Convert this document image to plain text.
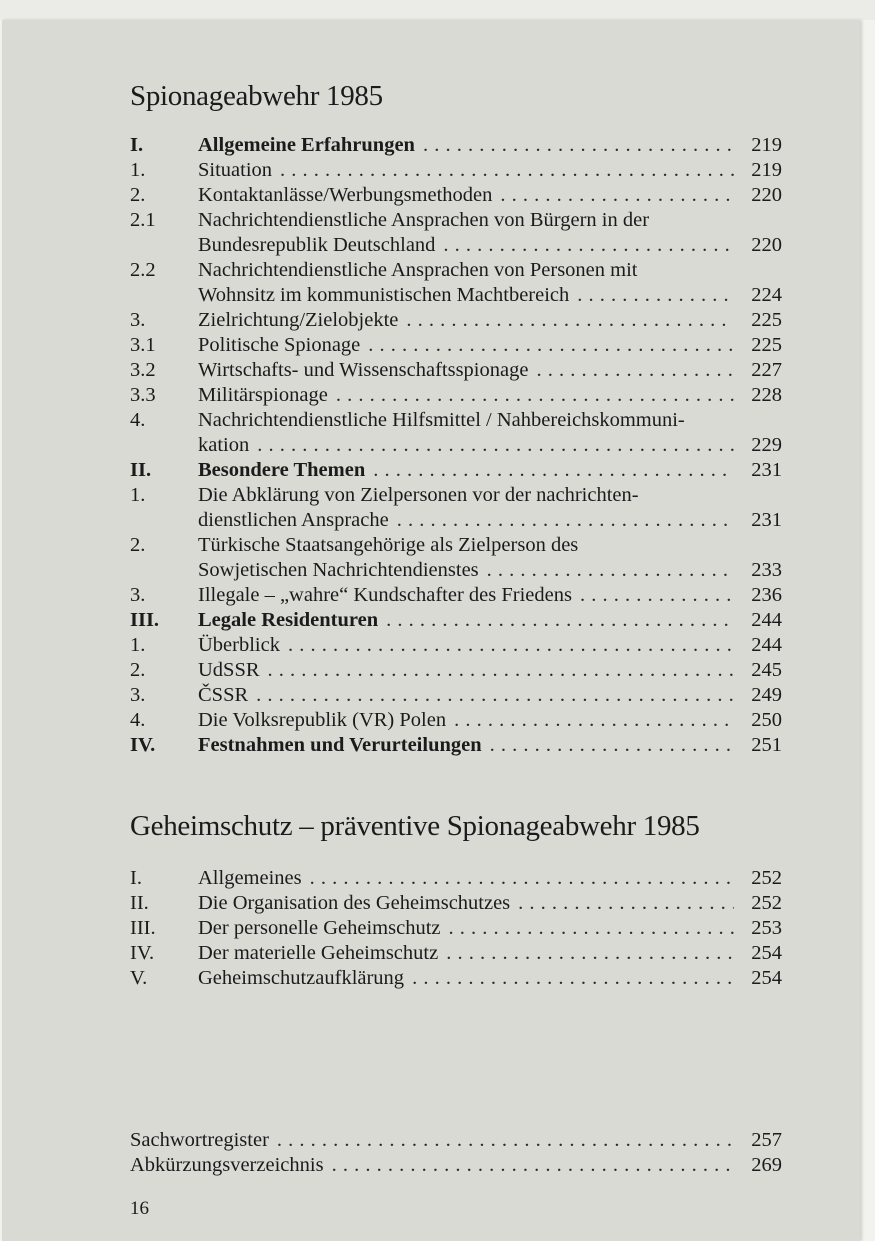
Spionageabwehr 1985
I.	Allgemeine Erfahrungen . . .	219
1.	Situation . . .	219
2.	Kontaktanlässe/Werbungsmethoden . . .	220
2.1 Nachrichtendienstliche Ansprachen von Bürgern in der
Bundesrepublik Deutschland . . .	220
2.2 Nachrichtendienstliche Ansprachen von Personen mit
Wohnsitz im kommunistischen Machtbereich . . .	224
3.	Zielrichtung/Zielobjekte . . .	225
3.1 Politische Spionage . . .	225
3.2 Wirtschafts- und Wissenschaftsspionage . . .	227
3.3 Militärspionage . . .	228
4.	Nachrichtendienstliche Hilfsmittel / Nahbereichskommuni-
kation . . .	229
II. Besondere Themen . . .	231
1.	Die Abklärung von Zielpersonen vor der nachrichten-
dienstlichen Ansprache . . .	231
2.	Türkische Staatsangehörige als Zielperson des
Sowjetischen Nachrichtendienstes . . .	233
3.	Illegale – „wahre“ Kundschafter des Friedens . . .	236
III. Legale Residenturen . . .	244
1.	Überblick . . .	244
2.	UdSSR . . .	245
3.	ČSSR . . .	249
4.	Die Volksrepublik (VR) Polen . . .	250
IV. Festnahmen und Verurteilungen . . .	251
Geheimschutz – präventive Spionageabwehr 1985
I.	Allgemeines . . .	252
II. Die Organisation des Geheimschutzes . . .	252
III. Der personelle Geheimschutz . . .	253
IV. Der materielle Geheimschutz . . .	254
V. Geheimschutzaufklärung . . .	254
Sachwortregister . . .	257
Abkürzungsverzeichnis . . .	269
16
